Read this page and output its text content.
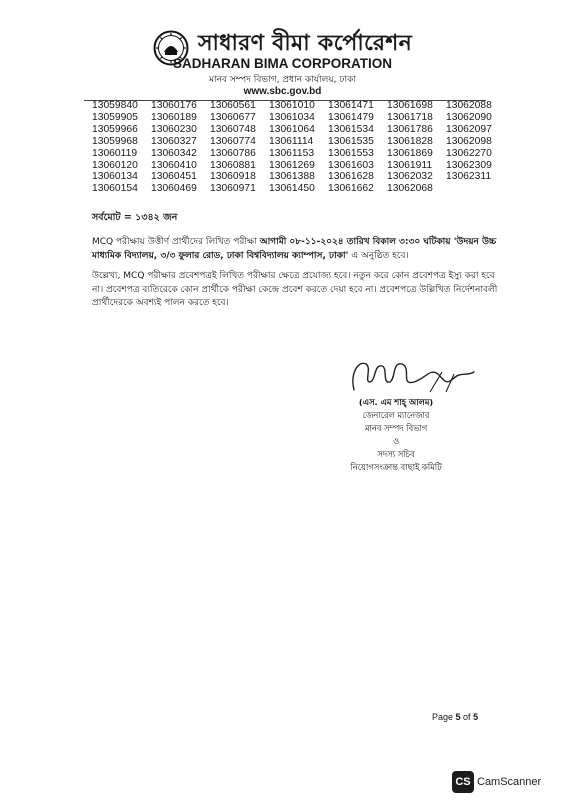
সাধারণ বীমা কর্পোরেশন
SADHARAN BIMA CORPORATION
মানব সম্পদ বিভাগ, প্রধান কার্যালয়, ঢাকা
www.sbc.gov.bd
13059840
13059905
13059966
13059968
13060119
13060120
13060134
13060154
13060176
13060189
13060230
13060327
13060342
13060410
13060451
13060469
13060561
13060677
13060748
13060774
13060786
13060881
13060918
13060971
13061010
13061034
13061064
13061114
13061153
13061269
13061388
13061450
13061471
13061479
13061534
13061535
13061553
13061603
13061628
13061662
13061698
13061718
13061786
13061828
13061869
13061911
13062032
13062068
13062088
13062090
13062097
13062098
13062270
13062309
13062311
সর্বমোট = ১৩৪২ জন
MCQ পরীক্ষায় উত্তীর্ণ প্রার্থীদের লিখিত পরীক্ষা আগামী ০৮-১১-২০২৪ তারিখ বিকাল ৩:৩০ ঘটিকায় 'উদয়ন উচ্চ মাধ্যমিক বিদ্যালয়, ৩/৩ ফুলার রোড, ঢাকা বিশ্ববিদ্যালয় ক্যাম্পাস, ঢাকা' এ অনুষ্ঠিত হবে।
উল্লেখ্য, MCQ পরীক্ষার প্রবেশপত্রই লিখিত পরীক্ষার ক্ষেত্রে প্রযোজ্য হবে। নতুন করে কোন প্রবেশপত্র ইস্যু করা হবে না। প্রবেশপত্র ব্যতিরেকে কোন প্রার্থীকে পরীক্ষা কেন্দ্রে প্রবেশ করতে দেয়া হবে না। প্রবেশপত্রে উল্লিখিত নির্দেশনাবলী প্রার্থীদেরকে অবশ্যই পালন করতে হবে।
(এস. এম শাহ্ আলম)
জেনারেল ম্যানেজার
মানব সম্পদ বিভাগ
ও
সদস্য সচিব
নিয়োগসংক্রান্ত বাছাই কমিটি
Page 5 of 5
CS CamScanner
